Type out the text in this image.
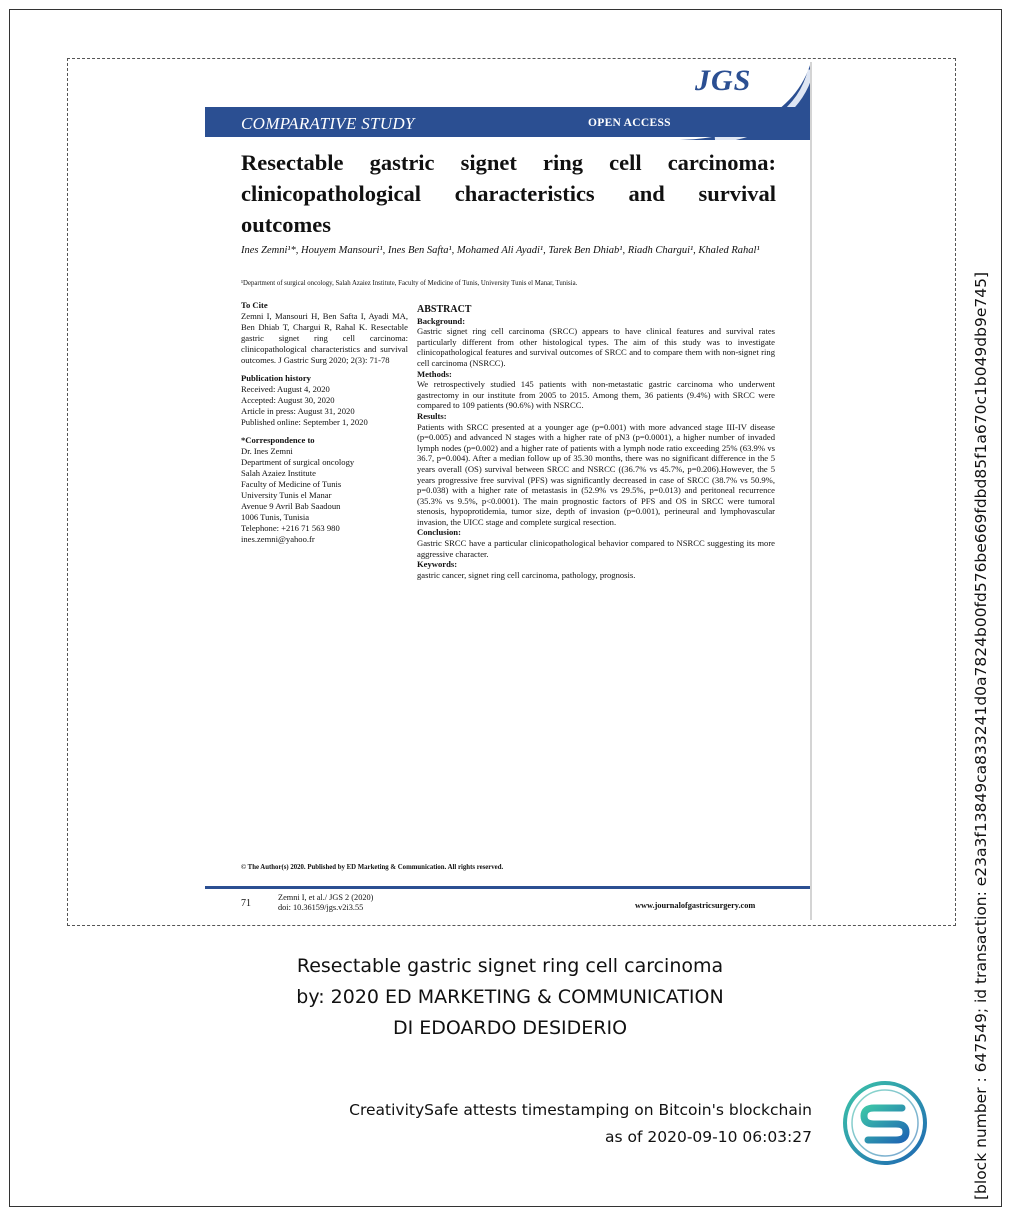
JGS
COMPARATIVE STUDY	OPEN ACCESS
Resectable gastric signet ring cell carcinoma: clinicopathological characteristics and survival outcomes
Ines Zemni¹*, Houyem Mansouri¹, Ines Ben Safta¹, Mohamed Ali Ayadi¹, Tarek Ben Dhiab¹, Riadh Chargui¹, Khaled Rahal¹
¹Department of surgical oncology, Salah Azaiez Institute, Faculty of Medicine of Tunis, University Tunis el Manar, Tunisia.
To Cite
Zemni I, Mansouri H, Ben Safta I, Ayadi MA, Ben Dhiab T, Chargui R, Rahal K. Resectable gastric signet ring cell carcinoma: clinicopathological characteristics and survival outcomes. J Gastric Surg 2020; 2(3): 71-78
Publication history
Received: August 4, 2020
Accepted: August 30, 2020
Article in press: August 31, 2020
Published online: September 1, 2020
*Correspondence to
Dr. Ines Zemni
Department of surgical oncology
Salah Azaiez Institute
Faculty of Medicine of Tunis
University Tunis el Manar
Avenue 9 Avril Bab Saadoun
1006 Tunis, Tunisia
Telephone: +216 71 563 980
ines.zemni@yahoo.fr
ABSTRACT
Background:

Gastric signet ring cell carcinoma (SRCC) appears to have clinical features and survival rates particularly different from other histological types. The aim of this study was to investigate clinicopathological features and survival outcomes of SRCC and to compare them with non-signet ring cell carcinoma (NSRCC).

Methods:

We retrospectively studied 145 patients with non-metastatic gastric carcinoma who underwent gastrectomy in our institute from 2005 to 2015. Among them, 36 patients (9.4%) with SRCC were compared to 109 patients (90.6%) with NSRCC.

Results:

Patients with SRCC presented at a younger age (p=0.001) with more advanced stage III-IV disease (p=0.005) and advanced N stages with a higher rate of pN3 (p=0.0001), a higher number of invaded lymph nodes (p=0.002) and a higher rate of patients with a lymph node ratio exceeding 25% (63.9% vs 36.7, p=0.004). After a median follow up of 35.30 months, there was no significant difference in the 5 years overall (OS) survival between SRCC and NSRCC ((36.7% vs 45.7%, p=0.206).However, the 5 years progressive free survival (PFS) was significantly decreased in case of SRCC (38.7% vs 50.9%, p=0.038) with a higher rate of metastasis in (52.9% vs 29.5%, p=0.013) and peritoneal recurrence (35.3% vs 9.5%, p<0.0001). The main prognostic factors of PFS and OS in SRCC were tumoral stenosis, hypoprotidemia, tumor size, depth of invasion (p=0.001), perineural and lymphovascular invasion, the UICC stage and complete surgical resection.

Conclusion:

Gastric SRCC have a particular clinicopathological behavior compared to NSRCC suggesting its more aggressive character.

Keywords:

gastric cancer, signet ring cell carcinoma, pathology, prognosis.

© The Author(s) 2020. Published by ED Marketing & Communication. All rights reserved.
71
Zemni I, et al./ JGS 2 (2020)
doi: 10.36159/jgs.v2i3.55	www.journalofgastricsurgery.com
Resectable gastric signet ring cell carcinoma
by: 2020 ED MARKETING & COMMUNICATION
DI EDOARDO DESIDERIO
CreativitySafe attests timestamping on Bitcoin's blockchain
as of 2020-09-10 06:03:27	[block number : 647549; id transaction: e23a3f13849ca833241d0a7824b00fd576be669fdbd85f1a670c1b049db9e745]
